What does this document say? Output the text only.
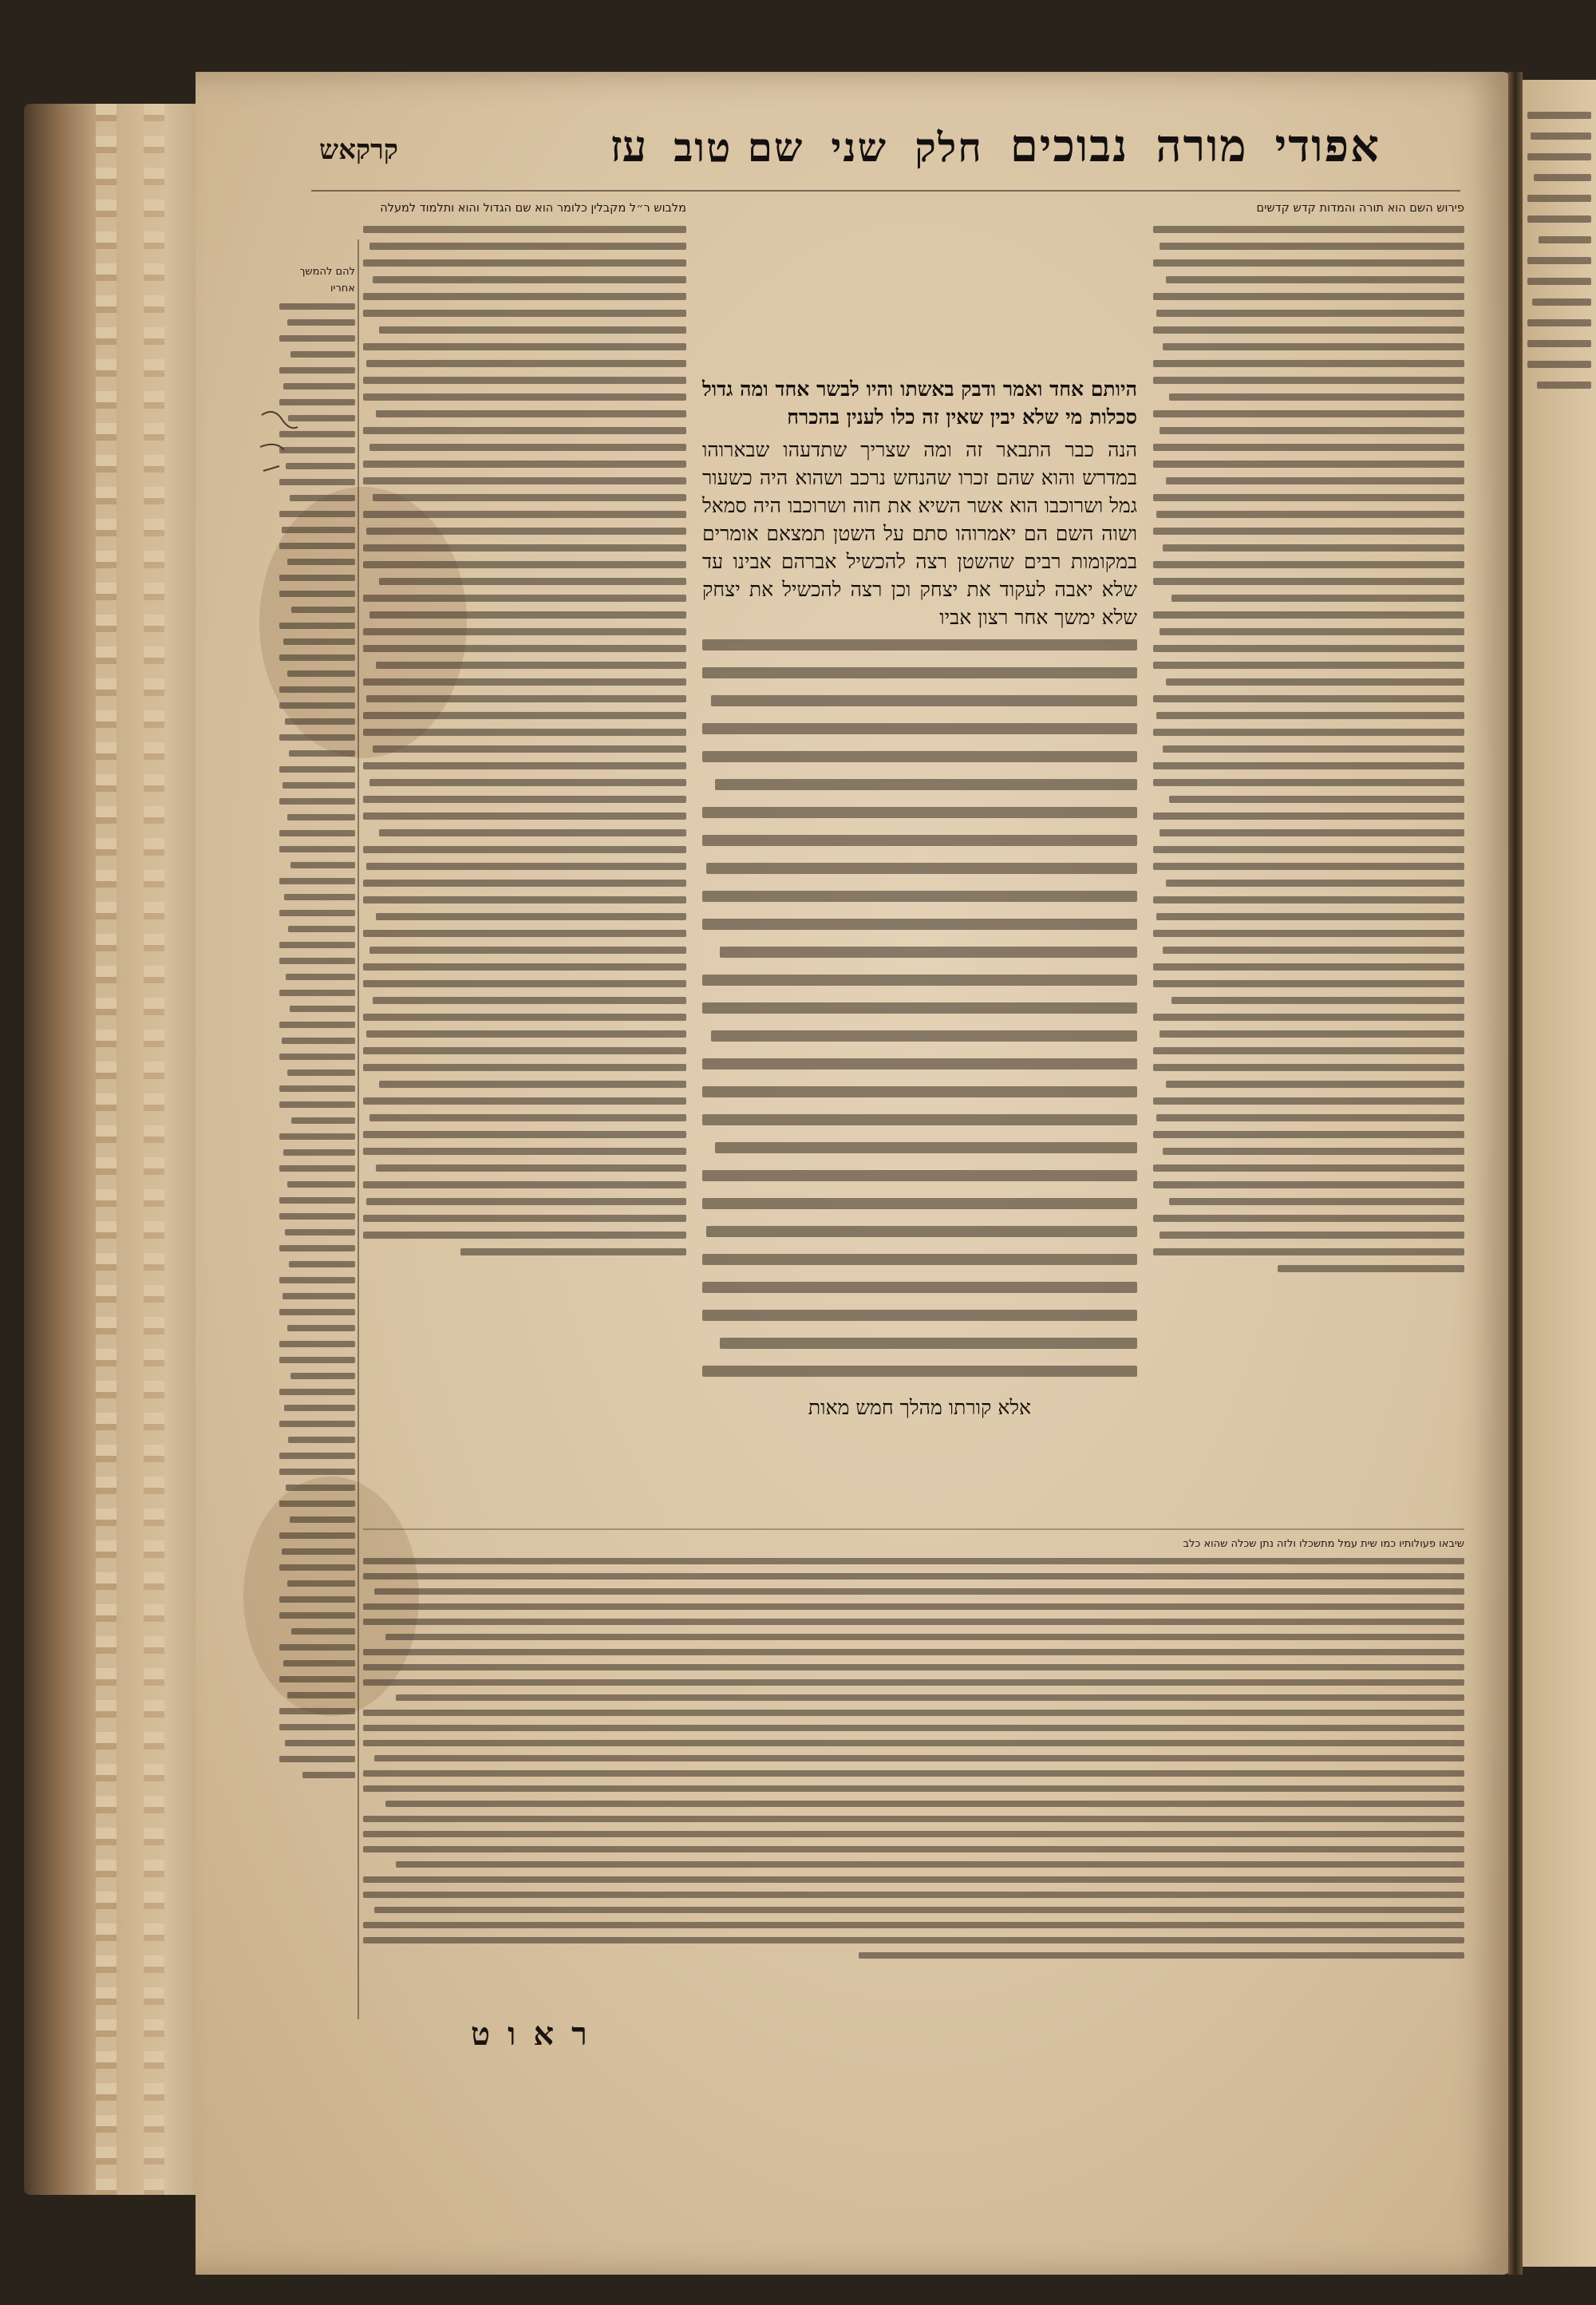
קרקאש	אפודי
מורה
נבוכים
חלק
שני
שם טוב
עז
פירוש השם הוא תורה והמדות קדש קדשים
היותם אחד ואמר ודבק באשתו והיו לבשר אחד ומה גדול סכלות מי שלא יבין שאין זה כלו לענין בהכרח
הנה כבר התבאר זה ומה שצריך שתדעהו שבארוהו במדרש והוא שהם זכרו שהנחש נרכב ושהוא היה כשעור גמל ושרוכבו הוא אשר השיא את חוה ושרוכבו היה סמאל ושוה השם הם יאמרוהו סתם על השטן תמצאם אומרים במקומות רבים שהשטן רצה להכשיל אברהם אבינו עד שלא יאבה לעקוד את יצחק וכן רצה להכשיל את יצחק שלא ימשך אחר רצון אביו
אלא קורתו מהלך חמש מאות
מלבוש ר״ל מקבלין כלומר הוא שם הגדול והוא ותלמוד למעלה
להם להמשך אחריו
שיבאו פעולותיו כמו שית עמל מתשכלו ולזה נתן שכלה שהוא כלב
ראוט
